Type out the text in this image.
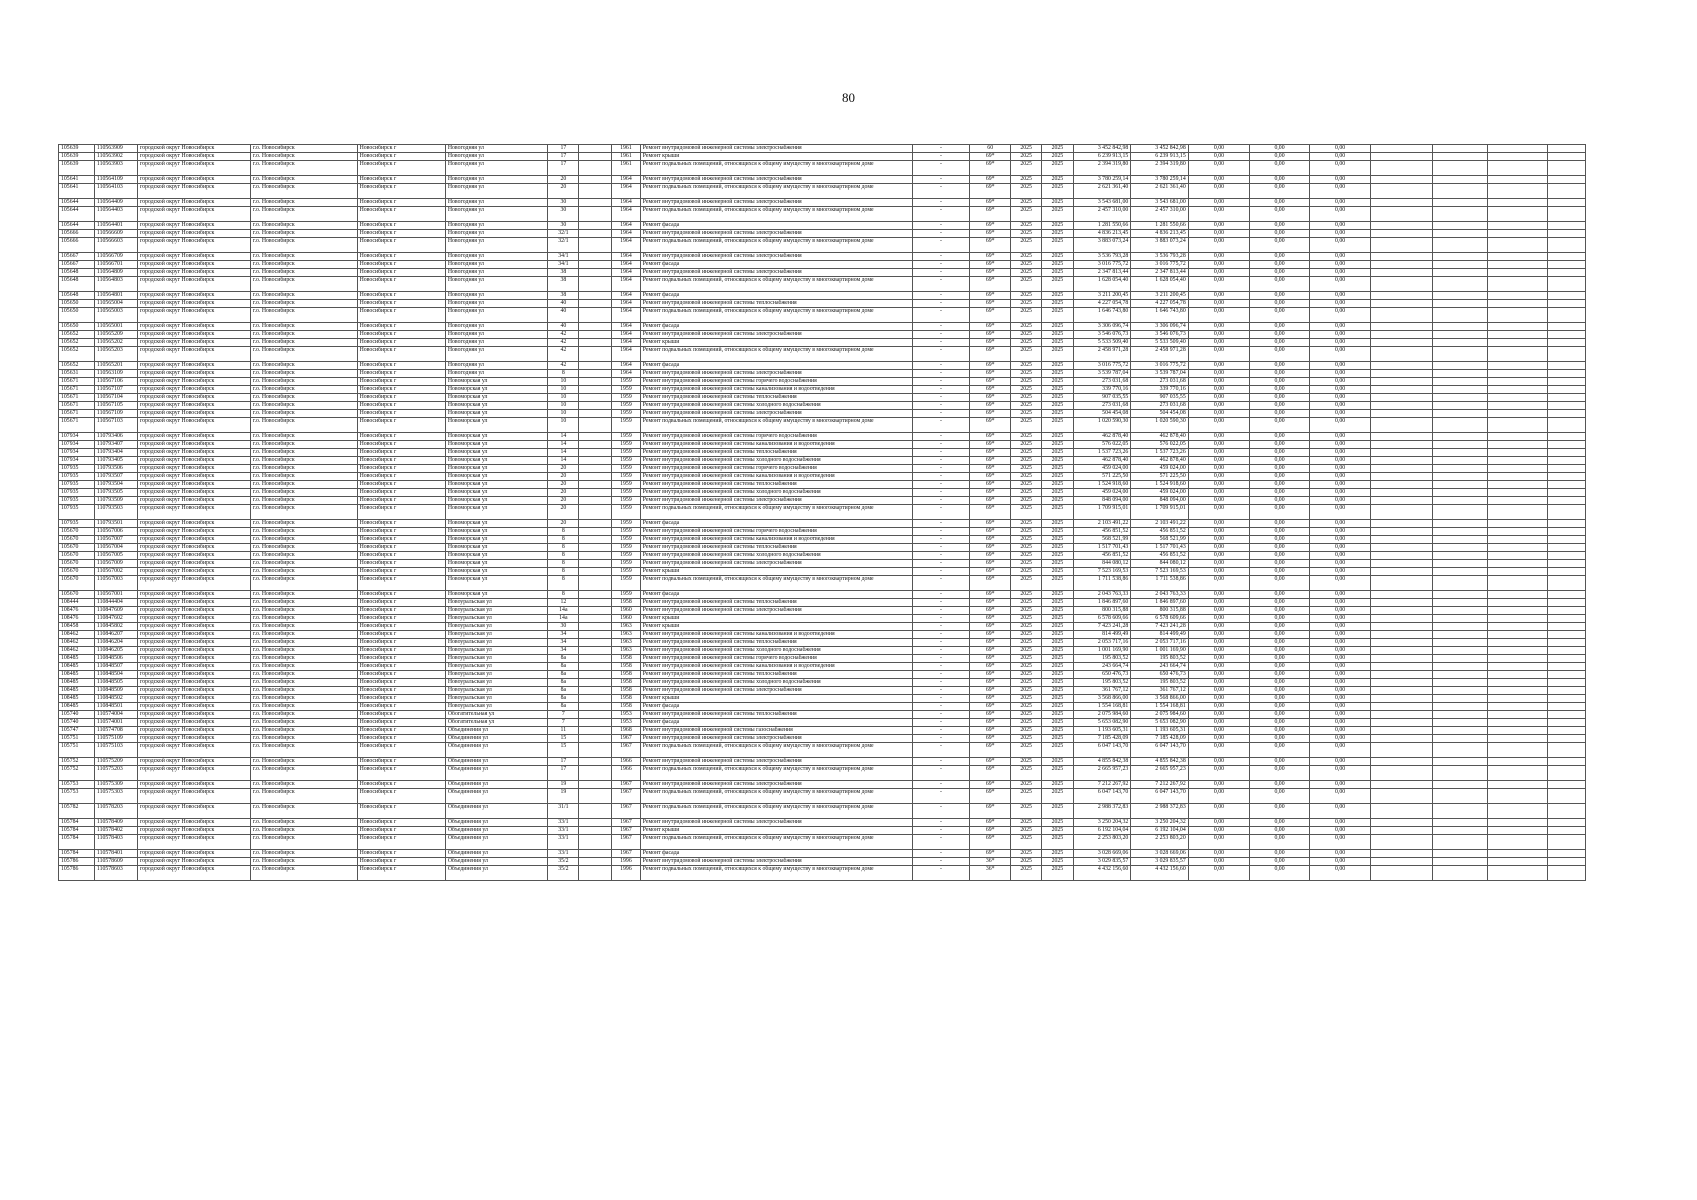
80
105639	110563909	городской округ Новосибирск	г.о. Новосибирск	Новосибирск г	Новогодняя ул	17		1961	Ремонт внутридомовой инженерной системы электроснабжения	-	60	2025	2025	3 452 842,98	3 452 842,98	0,00	0,00	0,00				
105639	110563902	городской округ Новосибирск	г.о. Новосибирск	Новосибирск г	Новогодняя ул	17		1961	Ремонт крыши	-	69*	2025	2025	6 239 913,15	6 239 913,15	0,00	0,00	0,00				
105639	110563903	городской округ Новосибирск	г.о. Новосибирск	Новосибирск г	Новогодняя ул	17		1961	Ремонт подвальных помещений, относящихся к общему имуществу в многоквартирном доме	-	69*	2025	2025	2 394 319,80	2 394 319,80	0,00	0,00	0,00				
105641	110564109	городской округ Новосибирск	г.о. Новосибирск	Новосибирск г	Новогодняя ул	20		1964	Ремонт внутридомовой инженерной системы электроснабжения	-	69*	2025	2025	3 780 259,14	3 780 259,14	0,00	0,00	0,00				
105641	110564103	городской округ Новосибирск	г.о. Новосибирск	Новосибирск г	Новогодняя ул	20		1964	Ремонт подвальных помещений, относящихся к общему имуществу в многоквартирном доме	-	69*	2025	2025	2 621 361,40	2 621 361,40	0,00	0,00	0,00				
105644	110564409	городской округ Новосибирск	г.о. Новосибирск	Новосибирск г	Новогодняя ул	30		1964	Ремонт внутридомовой инженерной системы электроснабжения	-	69*	2025	2025	3 543 681,00	3 543 681,00	0,00	0,00	0,00				
105644	110564403	городской округ Новосибирск	г.о. Новосибирск	Новосибирск г	Новогодняя ул	30		1964	Ремонт подвальных помещений, относящихся к общему имуществу в многоквартирном доме	-	69*	2025	2025	2 457 310,00	2 457 310,00	0,00	0,00	0,00				
105644	110564401	городской округ Новосибирск	г.о. Новосибирск	Новосибирск г	Новогодняя ул	30		1964	Ремонт фасада	-	69*	2025	2025	1 281 550,66	1 281 550,66	0,00	0,00	0,00				
105666	110566609	городской округ Новосибирск	г.о. Новосибирск	Новосибирск г	Новогодняя ул	32/1		1964	Ремонт внутридомовой инженерной системы электроснабжения	-	69*	2025	2025	4 836 213,45	4 836 213,45	0,00	0,00	0,00				
105666	110566603	городской округ Новосибирск	г.о. Новосибирск	Новосибирск г	Новогодняя ул	32/1		1964	Ремонт подвальных помещений, относящихся к общему имуществу в многоквартирном доме	-	69*	2025	2025	3 883 073,24	3 883 073,24	0,00	0,00	0,00				
105667	110566709	городской округ Новосибирск	г.о. Новосибирск	Новосибирск г	Новогодняя ул	34/1		1964	Ремонт внутридомовой инженерной системы электроснабжения	-	69*	2025	2025	3 536 793,28	3 536 793,28	0,00	0,00	0,00				
105667	110566701	городской округ Новосибирск	г.о. Новосибирск	Новосибирск г	Новогодняя ул	34/1		1964	Ремонт фасада	-	69*	2025	2025	3 016 775,72	3 016 775,72	0,00	0,00	0,00				
105648	110564809	городской округ Новосибирск	г.о. Новосибирск	Новосибирск г	Новогодняя ул	38		1964	Ремонт внутридомовой инженерной системы электроснабжения	-	69*	2025	2025	2 347 813,44	2 347 813,44	0,00	0,00	0,00				
105648	110564803	городской округ Новосибирск	г.о. Новосибирск	Новосибирск г	Новогодняя ул	38		1964	Ремонт подвальных помещений, относящихся к общему имуществу в многоквартирном доме	-	69*	2025	2025	1 628 054,40	1 628 054,40	0,00	0,00	0,00				
105648	110564801	городской округ Новосибирск	г.о. Новосибирск	Новосибирск г	Новогодняя ул	38		1964	Ремонт фасада	-	69*	2025	2025	3 211 200,45	3 211 200,45	0,00	0,00	0,00				
105650	110565004	городской округ Новосибирск	г.о. Новосибирск	Новосибирск г	Новогодняя ул	40		1964	Ремонт внутридомовой инженерной системы теплоснабжения	-	69*	2025	2025	4 227 054,78	4 227 054,78	0,00	0,00	0,00				
105650	110565003	городской округ Новосибирск	г.о. Новосибирск	Новосибирск г	Новогодняя ул	40		1964	Ремонт подвальных помещений, относящихся к общему имуществу в многоквартирном доме	-	69*	2025	2025	1 646 743,80	1 646 743,80	0,00	0,00	0,00				
105650	110565001	городской округ Новосибирск	г.о. Новосибирск	Новосибирск г	Новогодняя ул	40		1964	Ремонт фасада	-	69*	2025	2025	3 306 096,74	3 306 096,74	0,00	0,00	0,00				
105652	110565209	городской округ Новосибирск	г.о. Новосибирск	Новосибирск г	Новогодняя ул	42		1964	Ремонт внутридомовой инженерной системы электроснабжения	-	69*	2025	2025	3 546 076,73	3 546 076,73	0,00	0,00	0,00				
105652	110565202	городской округ Новосибирск	г.о. Новосибирск	Новосибирск г	Новогодняя ул	42		1964	Ремонт крыши	-	69*	2025	2025	5 533 509,40	5 533 509,40	0,00	0,00	0,00				
105652	110565203	городской округ Новосибирск	г.о. Новосибирск	Новосибирск г	Новогодняя ул	42		1964	Ремонт подвальных помещений, относящихся к общему имуществу в многоквартирном доме	-	69*	2025	2025	2 458 971,28	2 458 971,28	0,00	0,00	0,00				
105652	110565201	городской округ Новосибирск	г.о. Новосибирск	Новосибирск г	Новогодняя ул	42		1964	Ремонт фасада	-	69*	2025	2025	3 016 775,72	3 016 775,72	0,00	0,00	0,00				
105631	110563109	городской округ Новосибирск	г.о. Новосибирск	Новосибирск г	Новогодняя ул	8		1964	Ремонт внутридомовой инженерной системы электроснабжения	-	69*	2025	2025	3 539 787,04	3 539 787,04	0,00	0,00	0,00				
105671	110567106	городской округ Новосибирск	г.о. Новосибирск	Новосибирск г	Новоморская ул	10		1959	Ремонт внутридомовой инженерной системы горячего водоснабжения	-	69*	2025	2025	273 031,68	273 031,68	0,00	0,00	0,00				
105671	110567107	городской округ Новосибирск	г.о. Новосибирск	Новосибирск г	Новоморская ул	10		1959	Ремонт внутридомовой инженерной системы канализования и водоотведения	-	69*	2025	2025	339 770,16	339 770,16	0,00	0,00	0,00				
105671	110567104	городской округ Новосибирск	г.о. Новосибирск	Новосибирск г	Новоморская ул	10		1959	Ремонт внутридомовой инженерной системы теплоснабжения	-	69*	2025	2025	907 035,55	907 035,55	0,00	0,00	0,00				
105671	110567105	городской округ Новосибирск	г.о. Новосибирск	Новосибирск г	Новоморская ул	10		1959	Ремонт внутридомовой инженерной системы холодного водоснабжения	-	69*	2025	2025	273 031,68	273 031,68	0,00	0,00	0,00				
105671	110567109	городской округ Новосибирск	г.о. Новосибирск	Новосибирск г	Новоморская ул	10		1959	Ремонт внутридомовой инженерной системы электроснабжения	-	69*	2025	2025	504 454,08	504 454,08	0,00	0,00	0,00				
105671	110567103	городской округ Новосибирск	г.о. Новосибирск	Новосибирск г	Новоморская ул	10		1959	Ремонт подвальных помещений, относящихся к общему имуществу в многоквартирном доме	-	69*	2025	2025	1 020 590,30	1 020 590,30	0,00	0,00	0,00				
107934	110793406	городской округ Новосибирск	г.о. Новосибирск	Новосибирск г	Новоморская ул	14		1959	Ремонт внутридомовой инженерной системы горячего водоснабжения	-	69*	2025	2025	462 878,40	462 878,40	0,00	0,00	0,00				
107934	110793407	городской округ Новосибирск	г.о. Новосибирск	Новосибирск г	Новоморская ул	14		1959	Ремонт внутридомовой инженерной системы канализования и водоотведения	-	69*	2025	2025	576 022,05	576 022,05	0,00	0,00	0,00				
107934	110793404	городской округ Новосибирск	г.о. Новосибирск	Новосибирск г	Новоморская ул	14		1959	Ремонт внутридомовой инженерной системы теплоснабжения	-	69*	2025	2025	1 537 723,26	1 537 723,26	0,00	0,00	0,00				
107934	110793405	городской округ Новосибирск	г.о. Новосибирск	Новосибирск г	Новоморская ул	14		1959	Ремонт внутридомовой инженерной системы холодного водоснабжения	-	69*	2025	2025	462 878,40	462 878,40	0,00	0,00	0,00				
107935	110793506	городской округ Новосибирск	г.о. Новосибирск	Новосибирск г	Новоморская ул	20		1959	Ремонт внутридомовой инженерной системы горячего водоснабжения	-	69*	2025	2025	459 024,00	459 024,00	0,00	0,00	0,00				
107935	110793507	городской округ Новосибирск	г.о. Новосибирск	Новосибирск г	Новоморская ул	20		1959	Ремонт внутридомовой инженерной системы канализования и водоотведения	-	69*	2025	2025	571 225,50	571 225,50	0,00	0,00	0,00				
107935	110793504	городской округ Новосибирск	г.о. Новосибирск	Новосибирск г	Новоморская ул	20		1959	Ремонт внутридомовой инженерной системы теплоснабжения	-	69*	2025	2025	1 524 918,60	1 524 918,60	0,00	0,00	0,00				
107935	110793505	городской округ Новосибирск	г.о. Новосибирск	Новосибирск г	Новоморская ул	20		1959	Ремонт внутридомовой инженерной системы холодного водоснабжения	-	69*	2025	2025	459 024,00	459 024,00	0,00	0,00	0,00				
107935	110793509	городской округ Новосибирск	г.о. Новосибирск	Новосибирск г	Новоморская ул	20		1959	Ремонт внутридомовой инженерной системы электроснабжения	-	69*	2025	2025	848 094,00	848 094,00	0,00	0,00	0,00				
107935	110793503	городской округ Новосибирск	г.о. Новосибирск	Новосибирск г	Новоморская ул	20		1959	Ремонт подвальных помещений, относящихся к общему имуществу в многоквартирном доме	-	69*	2025	2025	1 709 915,01	1 709 915,01	0,00	0,00	0,00				
107935	110793501	городской округ Новосибирск	г.о. Новосибирск	Новосибирск г	Новоморская ул	20		1959	Ремонт фасада	-	69*	2025	2025	2 103 491,22	2 103 491,22	0,00	0,00	0,00				
105670	110567006	городской округ Новосибирск	г.о. Новосибирск	Новосибирск г	Новоморская ул	8		1959	Ремонт внутридомовой инженерной системы горячего водоснабжения	-	69*	2025	2025	456 851,52	456 851,52	0,00	0,00	0,00				
105670	110567007	городской округ Новосибирск	г.о. Новосибирск	Новосибирск г	Новоморская ул	8		1959	Ремонт внутридомовой инженерной системы канализования и водоотведения	-	69*	2025	2025	568 521,99	568 521,99	0,00	0,00	0,00				
105670	110567004	городской округ Новосибирск	г.о. Новосибирск	Новосибирск г	Новоморская ул	8		1959	Ремонт внутридомовой инженерной системы теплоснабжения	-	69*	2025	2025	1 517 701,43	1 517 701,43	0,00	0,00	0,00				
105670	110567005	городской округ Новосибирск	г.о. Новосибирск	Новосибирск г	Новоморская ул	8		1959	Ремонт внутридомовой инженерной системы холодного водоснабжения	-	69*	2025	2025	456 851,52	456 851,52	0,00	0,00	0,00				
105670	110567009	городской округ Новосибирск	г.о. Новосибирск	Новосибирск г	Новоморская ул	8		1959	Ремонт внутридомовой инженерной системы электроснабжения	-	69*	2025	2025	844 080,12	844 080,12	0,00	0,00	0,00				
105670	110567002	городской округ Новосибирск	г.о. Новосибирск	Новосибирск г	Новоморская ул	8		1959	Ремонт крыши	-	69*	2025	2025	7 523 169,53	7 523 169,53	0,00	0,00	0,00				
105670	110567003	городской округ Новосибирск	г.о. Новосибирск	Новосибирск г	Новоморская ул	8		1959	Ремонт подвальных помещений, относящихся к общему имуществу в многоквартирном доме	-	69*	2025	2025	1 711 538,86	1 711 538,86	0,00	0,00	0,00				
105670	110567001	городской округ Новосибирск	г.о. Новосибирск	Новосибирск г	Новоморская ул	8		1959	Ремонт фасада	-	69*	2025	2025	2 043 763,33	2 043 763,33	0,00	0,00	0,00				
108444	110844404	городской округ Новосибирск	г.о. Новосибирск	Новосибирск г	Новоуральская ул	12		1958	Ремонт внутридомовой инженерной системы теплоснабжения	-	69*	2025	2025	1 846 897,60	1 846 897,60	0,00	0,00	0,00				
108476	110847609	городской округ Новосибирск	г.о. Новосибирск	Новосибирск г	Новоуральская ул	14а		1960	Ремонт внутридомовой инженерной системы электроснабжения	-	69*	2025	2025	800 315,88	800 315,88	0,00	0,00	0,00				
108476	110847602	городской округ Новосибирск	г.о. Новосибирск	Новосибирск г	Новоуральская ул	14а		1960	Ремонт крыши	-	69*	2025	2025	6 578 609,66	6 578 609,66	0,00	0,00	0,00				
108458	110845802	городской округ Новосибирск	г.о. Новосибирск	Новосибирск г	Новоуральская ул	30		1963	Ремонт крыши	-	69*	2025	2025	7 423 241,28	7 423 241,28	0,00	0,00	0,00				
108462	110846207	городской округ Новосибирск	г.о. Новосибирск	Новосибирск г	Новоуральская ул	34		1963	Ремонт внутридомовой инженерной системы канализования и водоотведения	-	69*	2025	2025	814 499,49	814 499,49	0,00	0,00	0,00				
108462	110846204	городской округ Новосибирск	г.о. Новосибирск	Новосибирск г	Новоуральская ул	34		1963	Ремонт внутридомовой инженерной системы теплоснабжения	-	69*	2025	2025	2 053 717,16	2 053 717,16	0,00	0,00	0,00				
108462	110846205	городской округ Новосибирск	г.о. Новосибирск	Новосибирск г	Новоуральская ул	34		1963	Ремонт внутридомовой инженерной системы холодного водоснабжения	-	69*	2025	2025	1 001 169,90	1 001 169,90	0,00	0,00	0,00				
108485	110848506	городской округ Новосибирск	г.о. Новосибирск	Новосибирск г	Новоуральская ул	8а		1958	Ремонт внутридомовой инженерной системы горячего водоснабжения	-	69*	2025	2025	195 803,52	195 803,52	0,00	0,00	0,00				
108485	110848507	городской округ Новосибирск	г.о. Новосибирск	Новосибирск г	Новоуральская ул	8а		1958	Ремонт внутридомовой инженерной системы канализования и водоотведения	-	69*	2025	2025	243 664,74	243 664,74	0,00	0,00	0,00				
108485	110848504	городской округ Новосибирск	г.о. Новосибирск	Новосибирск г	Новоуральская ул	8а		1958	Ремонт внутридомовой инженерной системы теплоснабжения	-	69*	2025	2025	650 476,73	650 476,73	0,00	0,00	0,00				
108485	110848505	городской округ Новосибирск	г.о. Новосибирск	Новосибирск г	Новоуральская ул	8а		1958	Ремонт внутридомовой инженерной системы холодного водоснабжения	-	69*	2025	2025	195 803,52	195 803,52	0,00	0,00	0,00				
108485	110848509	городской округ Новосибирск	г.о. Новосибирск	Новосибирск г	Новоуральская ул	8а		1958	Ремонт внутридомовой инженерной системы электроснабжения	-	69*	2025	2025	361 767,12	361 767,12	0,00	0,00	0,00				
108485	110848502	городской округ Новосибирск	г.о. Новосибирск	Новосибирск г	Новоуральская ул	8а		1958	Ремонт крыши	-	69*	2025	2025	3 568 866,00	3 568 866,00	0,00	0,00	0,00				
108485	110848501	городской округ Новосибирск	г.о. Новосибирск	Новосибирск г	Новоуральская ул	8а		1958	Ремонт фасада	-	69*	2025	2025	1 554 168,81	1 554 168,81	0,00	0,00	0,00				
105740	110574004	городской округ Новосибирск	г.о. Новосибирск	Новосибирск г	Обогатительная ул	7		1953	Ремонт внутридомовой инженерной системы теплоснабжения	-	69*	2025	2025	2 075 984,60	2 075 984,60	0,00	0,00	0,00				
105740	110574001	городской округ Новосибирск	г.о. Новосибирск	Новосибирск г	Обогатительная ул	7		1953	Ремонт фасада	-	69*	2025	2025	5 653 082,90	5 653 082,90	0,00	0,00	0,00				
105747	110574708	городской округ Новосибирск	г.о. Новосибирск	Новосибирск г	Объединения ул	11		1968	Ремонт внутридомовой инженерной системы газоснабжения	-	69*	2025	2025	1 193 605,31	1 193 605,31	0,00	0,00	0,00				
105751	110575109	городской округ Новосибирск	г.о. Новосибирск	Новосибирск г	Объединения ул	15		1967	Ремонт внутридомовой инженерной системы электроснабжения	-	69*	2025	2025	7 185 428,09	7 185 428,09	0,00	0,00	0,00				
105751	110575103	городской округ Новосибирск	г.о. Новосибирск	Новосибирск г	Объединения ул	15		1967	Ремонт подвальных помещений, относящихся к общему имуществу в многоквартирном доме	-	69*	2025	2025	6 047 143,70	6 047 143,70	0,00	0,00	0,00				
105752	110575209	городской округ Новосибирск	г.о. Новосибирск	Новосибирск г	Объединения ул	17		1966	Ремонт внутридомовой инженерной системы электроснабжения	-	69*	2025	2025	4 855 842,38	4 855 842,38	0,00	0,00	0,00				
105752	110575203	городской округ Новосибирск	г.о. Новосибирск	Новосибирск г	Объединения ул	17		1966	Ремонт подвальных помещений, относящихся к общему имуществу в многоквартирном доме	-	69*	2025	2025	2 665 957,23	2 665 957,23	0,00	0,00	0,00				
105753	110575309	городской округ Новосибирск	г.о. Новосибирск	Новосибирск г	Объединения ул	19		1967	Ремонт внутридомовой инженерной системы электроснабжения	-	69*	2025	2025	7 212 267,92	7 212 267,92	0,00	0,00	0,00				
105753	110575303	городской округ Новосибирск	г.о. Новосибирск	Новосибирск г	Объединения ул	19		1967	Ремонт подвальных помещений, относящихся к общему имуществу в многоквартирном доме	-	69*	2025	2025	6 047 143,70	6 047 143,70	0,00	0,00	0,00				
105782	110578203	городской округ Новосибирск	г.о. Новосибирск	Новосибирск г	Объединения ул	31/1		1967	Ремонт подвальных помещений, относящихся к общему имуществу в многоквартирном доме	-	69*	2025	2025	2 988 372,83	2 988 372,83	0,00	0,00	0,00				
105784	110578409	городской округ Новосибирск	г.о. Новосибирск	Новосибирск г	Объединения ул	33/1		1967	Ремонт внутридомовой инженерной системы электроснабжения	-	69*	2025	2025	3 250 204,32	3 250 204,32	0,00	0,00	0,00				
105784	110578402	городской округ Новосибирск	г.о. Новосибирск	Новосибирск г	Объединения ул	33/1		1967	Ремонт крыши	-	69*	2025	2025	6 192 104,04	6 192 104,04	0,00	0,00	0,00				
105784	110578403	городской округ Новосибирск	г.о. Новосибирск	Новосибирск г	Объединения ул	33/1		1967	Ремонт подвальных помещений, относящихся к общему имуществу в многоквартирном доме	-	69*	2025	2025	2 253 803,20	2 253 803,20	0,00	0,00	0,00				
105784	110578401	городской округ Новосибирск	г.о. Новосибирск	Новосибирск г	Объединения ул	33/1		1967	Ремонт фасада	-	69*	2025	2025	3 028 669,06	3 028 669,06	0,00	0,00	0,00				
105786	110578609	городской округ Новосибирск	г.о. Новосибирск	Новосибирск г	Объединения ул	35/2		1996	Ремонт внутридомовой инженерной системы электроснабжения	-	36*	2025	2025	3 029 835,57	3 029 835,57	0,00	0,00	0,00				
105786	110578603	городской округ Новосибирск	г.о. Новосибирск	Новосибирск г	Объединения ул	35/2		1996	Ремонт подвальных помещений, относящихся к общему имуществу в многоквартирном доме	-	36*	2025	2025	4 432 156,60	4 432 156,60	0,00	0,00	0,00				
